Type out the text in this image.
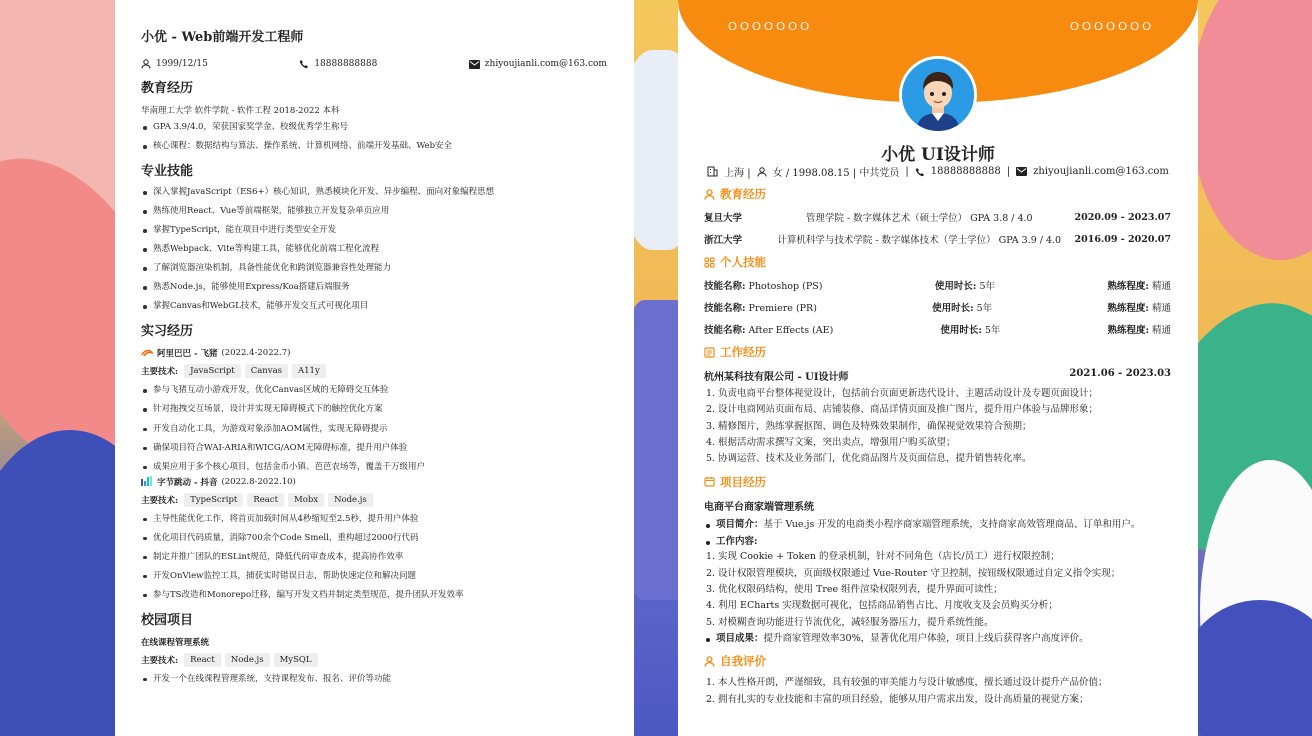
小优 - Web前端开发工程师
1999/12/15	18888888888	zhiyoujianli.com@163.com
教育经历
华南理工大学 软件学院 - 软件工程 2018-2022 本科
GPA 3.9/4.0，荣获国家奖学金、校级优秀学生称号
核心课程：数据结构与算法、操作系统、计算机网络、前端开发基础、Web安全
专业技能
深入掌握JavaScript（ES6+）核心知识，熟悉模块化开发、异步编程、面向对象编程思想
熟练使用React、Vue等前端框架，能够独立开发复杂单页应用
掌握TypeScript，能在项目中进行类型安全开发
熟悉Webpack、Vite等构建工具，能够优化前端工程化流程
了解浏览器渲染机制，具备性能优化和跨浏览器兼容性处理能力
熟悉Node.js，能够使用Express/Koa搭建后端服务
掌握Canvas和WebGL技术，能够开发交互式可视化项目
实习经历
阿里巴巴 - 飞猪 (2022.4-2022.7)
主要技术:	JavaScript	Canvas	A11y
参与飞猪互动小游戏开发，优化Canvas区域的无障碍交互体验
针对拖拽交互场景，设计并实现无障碍模式下的触控优化方案
开发自动化工具，为游戏对象添加AOM属性，实现无障碍提示
确保项目符合WAI-ARIA和WICG/AOM无障碍标准，提升用户体验
成果应用于多个核心项目，包括金币小镇、芭芭农场等，覆盖千万级用户
字节跳动 - 抖音 (2022.8-2022.10)
主要技术:	TypeScript	React	Mobx	Node.js
主导性能优化工作，将首页加载时间从4秒缩短至2.5秒，提升用户体验
优化项目代码质量，消除700余个Code Smell，重构超过2000行代码
制定并推广团队的ESLint规范，降低代码审查成本，提高协作效率
开发OnView监控工具，捕获实时错误日志，帮助快速定位和解决问题
参与TS改造和Monorepo迁移，编写开发文档并制定类型规范，提升团队开发效率
校园项目
在线课程管理系统
主要技术:	React	Node.js	MySQL
开发一个在线课程管理系统，支持课程发布、报名、评价等功能
OOOOOOO	OOOOOOO
小优 UI设计师
上海 | 女 / 1998.08.15 | 中共党员 | 18888888888 | zhiyoujianli.com@163.com
教育经历
复旦大学	管理学院 - 数字媒体艺术（硕士学位） GPA 3.8 / 4.0	2020.09 - 2023.07
浙江大学	计算机科学与技术学院 - 数字媒体技术（学士学位） GPA 3.9 / 4.0	2016.09 - 2020.07
个人技能
技能名称: Photoshop (PS)	使用时长: 5年	熟练程度: 精通
技能名称: Premiere (PR)	使用时长: 5年	熟练程度: 精通
技能名称: After Effects (AE)	使用时长: 5年	熟练程度: 精通
工作经历
杭州某科技有限公司 - UI设计师	2021.06 - 2023.03
1. 负责电商平台整体视觉设计，包括前台页面更新迭代设计、主题活动设计及专题页面设计；
2. 设计电商网站页面布局、店铺装修、商品详情页面及推广图片，提升用户体验与品牌形象；
3. 精修图片，熟练掌握抠图、调色及特殊效果制作，确保视觉效果符合预期；
4. 根据活动需求撰写文案，突出卖点，增强用户购买欲望；
5. 协调运营、技术及业务部门，优化商品图片及页面信息，提升销售转化率。
项目经历
电商平台商家端管理系统
项目简介：基于 Vue.js 开发的电商类小程序商家端管理系统，支持商家高效管理商品、订单和用户。
工作内容:
1. 实现 Cookie + Token 的登录机制，针对不同角色（店长/员工）进行权限控制；
2. 设计权限管理模块，页面级权限通过 Vue-Router 守卫控制，按钮级权限通过自定义指令实现；
3. 优化权限码结构，使用 Tree 组件渲染权限列表，提升界面可读性；
4. 利用 ECharts 实现数据可视化，包括商品销售占比、月度收支及会员购买分析；
5. 对模糊查询功能进行节流优化，减轻服务器压力，提升系统性能。
项目成果：提升商家管理效率30%，显著优化用户体验，项目上线后获得客户高度评价。
自我评价
1. 本人性格开朗，严谨细致，具有较强的审美能力与设计敏感度，擅长通过设计提升产品价值；
2. 拥有扎实的专业技能和丰富的项目经验，能够从用户需求出发，设计高质量的视觉方案；
